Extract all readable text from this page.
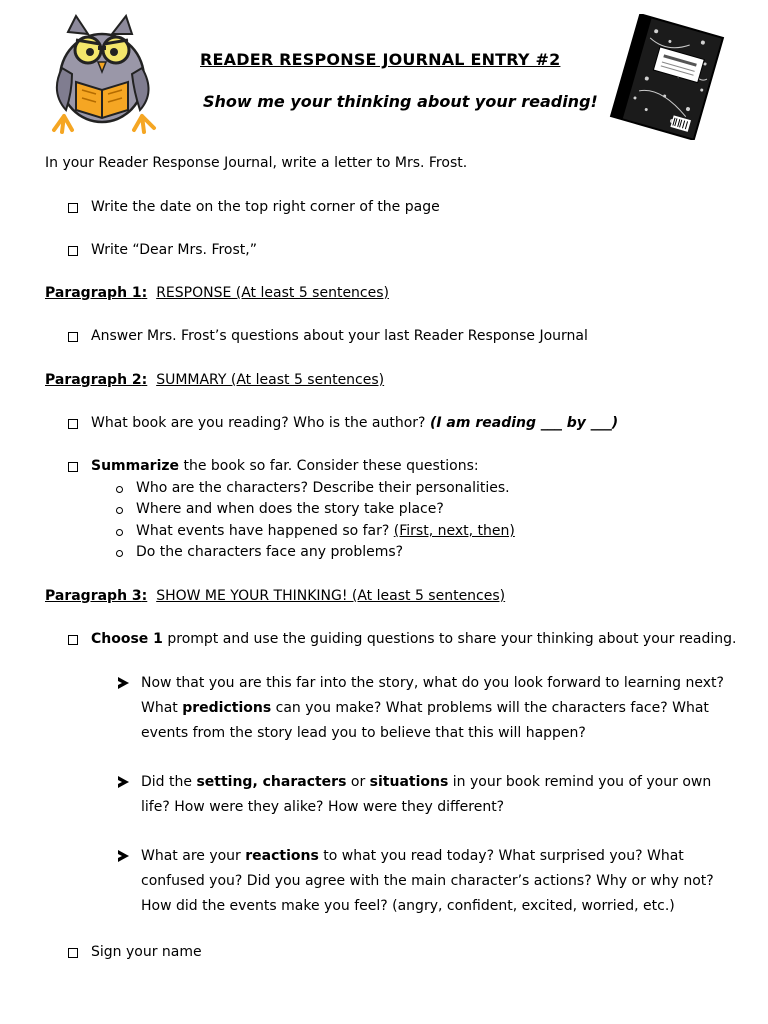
READER RESPONSE JOURNAL ENTRY #2
Show me your thinking about your reading!
In your Reader Response Journal, write a letter to Mrs. Frost.
Write the date on the top right corner of the page
Write “Dear Mrs. Frost,”
Paragraph 1: RESPONSE (At least 5 sentences)
Answer Mrs. Frost’s questions about your last Reader Response Journal
Paragraph 2: SUMMARY (At least 5 sentences)
What book are you reading? Who is the author? (I am reading ___ by ___)
Summarize the book so far. Consider these questions:
Who are the characters? Describe their personalities.
Where and when does the story take place?
What events have happened so far? (First, next, then)
Do the characters face any problems?
Paragraph 3: SHOW ME YOUR THINKING! (At least 5 sentences)
Choose 1 prompt and use the guiding questions to share your thinking about your reading.
Now that you are this far into the story, what do you look forward to learning next? What predictions can you make? What problems will the characters face? What events from the story lead you to believe that this will happen?
Did the setting, characters or situations in your book remind you of your own life? How were they alike? How were they different?
What are your reactions to what you read today? What surprised you? What confused you? Did you agree with the main character’s actions? Why or why not? How did the events make you feel? (angry, confident, excited, worried, etc.)
Sign your name
